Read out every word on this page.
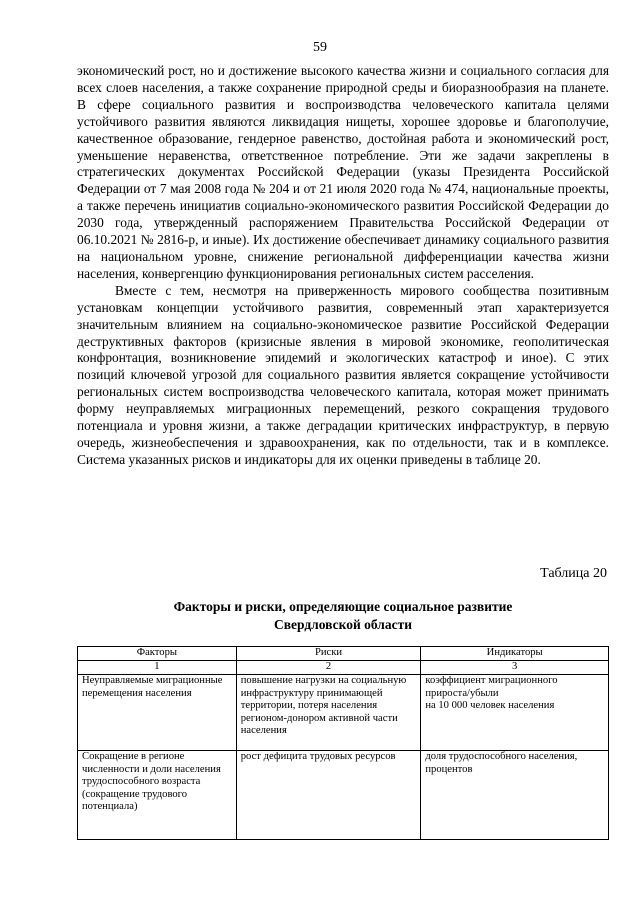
59

экономический рост, но и достижение высокого качества жизни и социального согласия для всех слоев населения, а также сохранение природной среды и биоразнообразия на планете. В сфере социального развития и воспроизводства человеческого капитала целями устойчивого развития являются ликвидация нищеты, хорошее здоровье и благополучие, качественное образование, гендерное равенство, достойная работа и экономический рост, уменьшение неравенства, ответственное потребление. Эти же задачи закреплены в стратегических документах Российской Федерации (указы Президента Российской Федерации от 7 мая 2008 года № 204 и от 21 июля 2020 года № 474, национальные проекты, а также перечень инициатив социально-экономического развития Российской Федерации до 2030 года, утвержденный распоряжением Правительства Российской Федерации от 06.10.2021 № 2816-р, и иные). Их достижение обеспечивает динамику социального развития на национальном уровне, снижение региональной дифференциации качества жизни населения, конвергенцию функционирования региональных систем расселения.

Вместе с тем, несмотря на приверженность мирового сообщества позитивным установкам концепции устойчивого развития, современный этап характеризуется значительным влиянием на социально-экономическое развитие Российской Федерации деструктивных факторов (кризисные явления в мировой экономике, геополитическая конфронтация, возникновение эпидемий и экологических катастроф и иное). С этих позиций ключевой угрозой для социального развития является сокращение устойчивости региональных систем воспроизводства человеческого капитала, которая может принимать форму неуправляемых миграционных перемещений, резкого сокращения трудового потенциала и уровня жизни, а также деградации критических инфраструктур, в первую очередь, жизнеобеспечения и здравоохранения, как по отдельности, так и в комплексе. Система указанных рисков и индикаторы для их оценки приведены в таблице 20.

Таблица 20
Факторы и риски, определяющие социальное развитие
Свердловской области
Факторы	Риски	Индикаторы
1	2	3
Неуправляемые миграционные перемещения населения	повышение нагрузки на социальную инфраструктуру принимающей территории, потеря населения регионом-донором активной части населения	коэффициент миграционного прироста/убыли
на 10 000 человек населения

Сокращение в регионе численности и доли населения трудоспособного возраста (сокращение трудового потенциала)	рост дефицита трудовых ресурсов	доля трудоспособного населения, процентов
